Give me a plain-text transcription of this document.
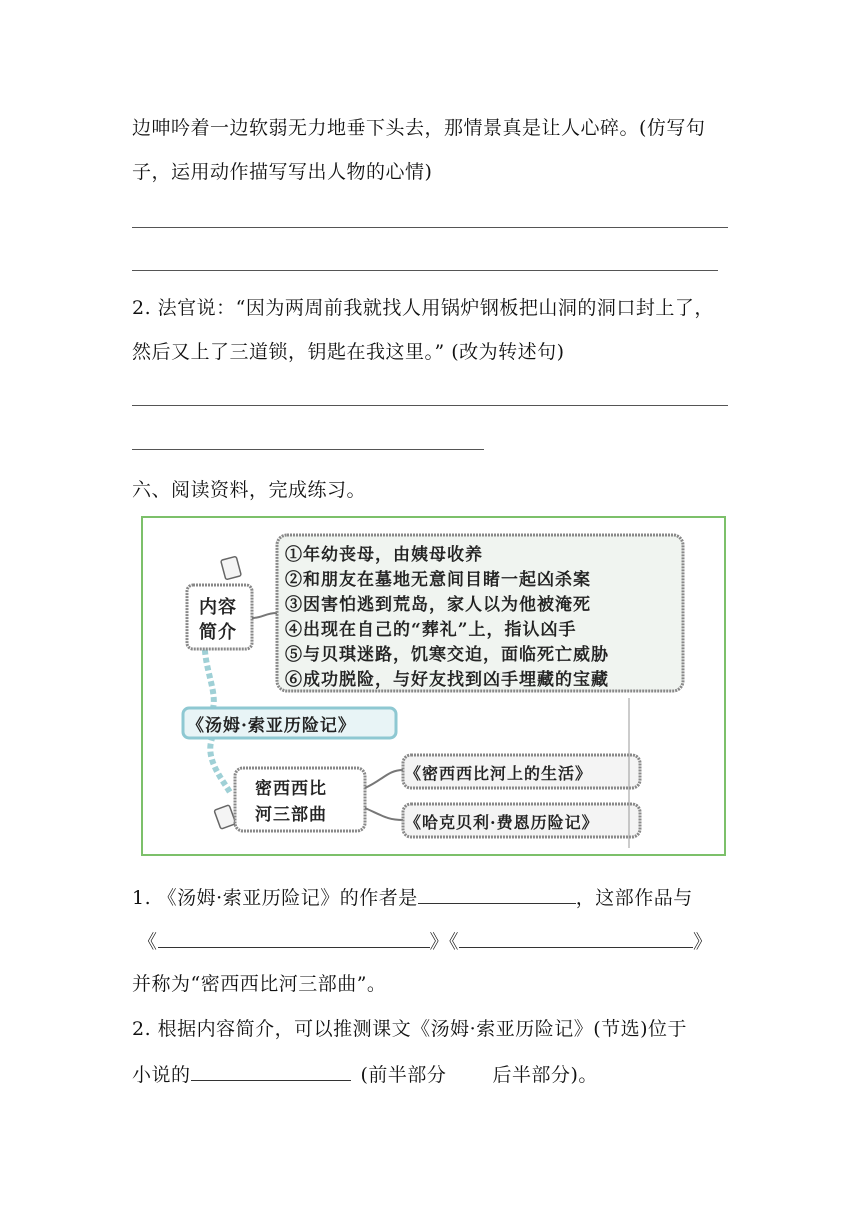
边呻吟着一边软弱无力地垂下头去，那情景真是让人心碎。(仿写句
子，运用动作描写写出人物的心情)
2. 法官说：“因为两周前我就找人用锅炉钢板把山洞的洞口封上了，
然后又上了三道锁，钥匙在我这里。” (改为转述句)
六、阅读资料，完成练习。
内容
简介
①年幼丧母，由姨母收养
②和朋友在墓地无意间目睹一起凶杀案
③因害怕逃到荒岛，家人以为他被淹死
④出现在自己的“葬礼”上，指认凶手
⑤与贝琪迷路，饥寒交迫，面临死亡威胁
⑥成功脱险，与好友找到凶手埋藏的宝藏
《汤姆·索亚历险记》
密西西比
河三部曲
《密西西比河上的生活》
《哈克贝利·费恩历险记》
1. 《汤姆·索亚历险记》的作者是	，这部作品与
《	》《	》
并称为“密西西比河三部曲”。
2. 根据内容简介，可以推测课文《汤姆·索亚历险记》(节选)位于
小说的	(前半部分 后半部分)。
